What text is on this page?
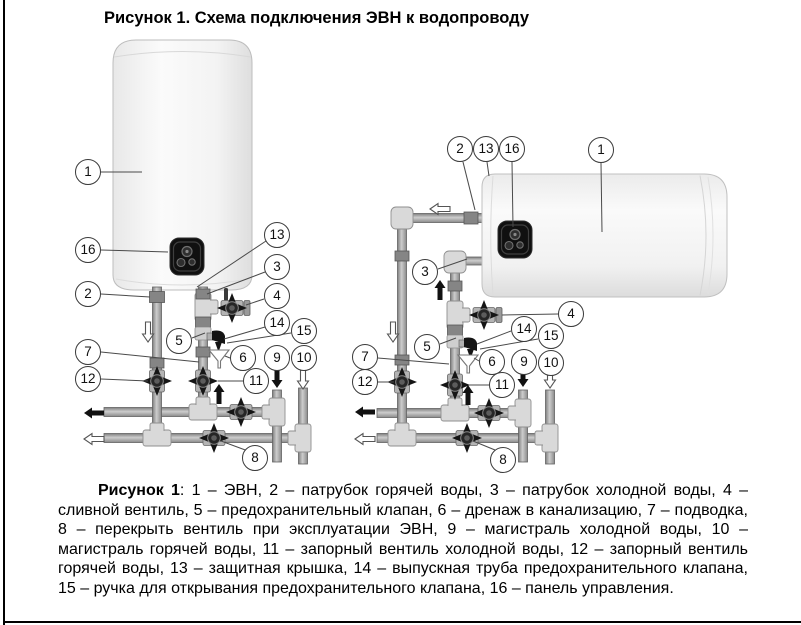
Рисунок 1. Схема подключения ЭВН к водопроводу
1
16
2
7
12
13
3
4
14
15
5
6	9	10
11
8
2	13 16	1
3
4
14 15
5
7	6	9	10
12	11
8

Рисунок 1: 1 – ЭВН, 2 – патрубок горячей воды, 3 – патрубок холодной воды, 4 – сливной вентиль, 5 – предохранительный клапан, 6 – дренаж в канализацию, 7 – подводка, 8 – перекрыть вентиль при эксплуатации ЭВН, 9 – магистраль холодной воды, 10 – магистраль горячей воды, 11 – запорный вентиль холодной воды, 12 – запорный вентиль горячей воды, 13 – защитная крышка, 14 – выпускная труба предохранительного клапана, 15 – ручка для открывания предохранительного клапана, 16 – панель управления.
